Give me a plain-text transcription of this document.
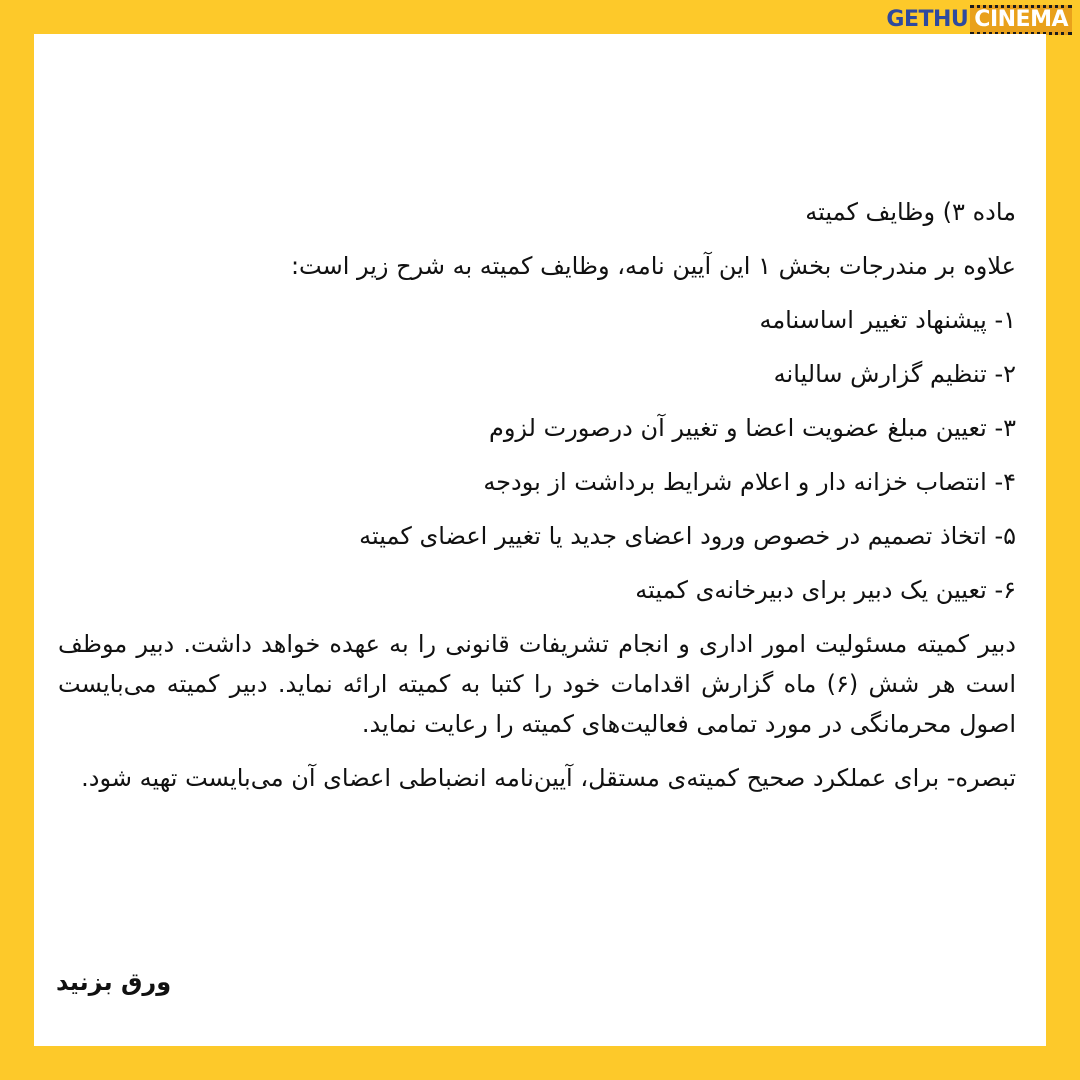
GETHU CINEMA

ماده ۳) وظایف کمیته

علاوه بر مندرجات بخش ۱ این آیین نامه، وظایف کمیته به شرح زیر است:

۱- پیشنهاد تغییر اساسنامه

۲- تنظیم گزارش سالیانه

۳- تعیین مبلغ عضویت اعضا و تغییر آن درصورت لزوم

۴- انتصاب خزانه دار و اعلام شرایط برداشت از بودجه

۵- اتخاذ تصمیم در خصوص ورود اعضای جدید یا تغییر اعضای کمیته

۶- تعیین یک دبیر برای دبیرخانه‌ی کمیته

دبیر کمیته مسئولیت امور اداری و انجام تشریفات قانونی را به عهده خواهد داشت. دبیر موظف است هر شش (۶) ماه گزارش اقدامات خود را کتبا به کمیته ارائه نماید. دبیر کمیته می‌بایست اصول محرمانگی در مورد تمامی فعالیت‌های کمیته را رعایت نماید.

تبصره- برای عملکرد صحیح کمیته‌ی مستقل، آیین‌نامه انضباطی اعضای آن می‌بایست تهیه شود.

ورق بزنید
